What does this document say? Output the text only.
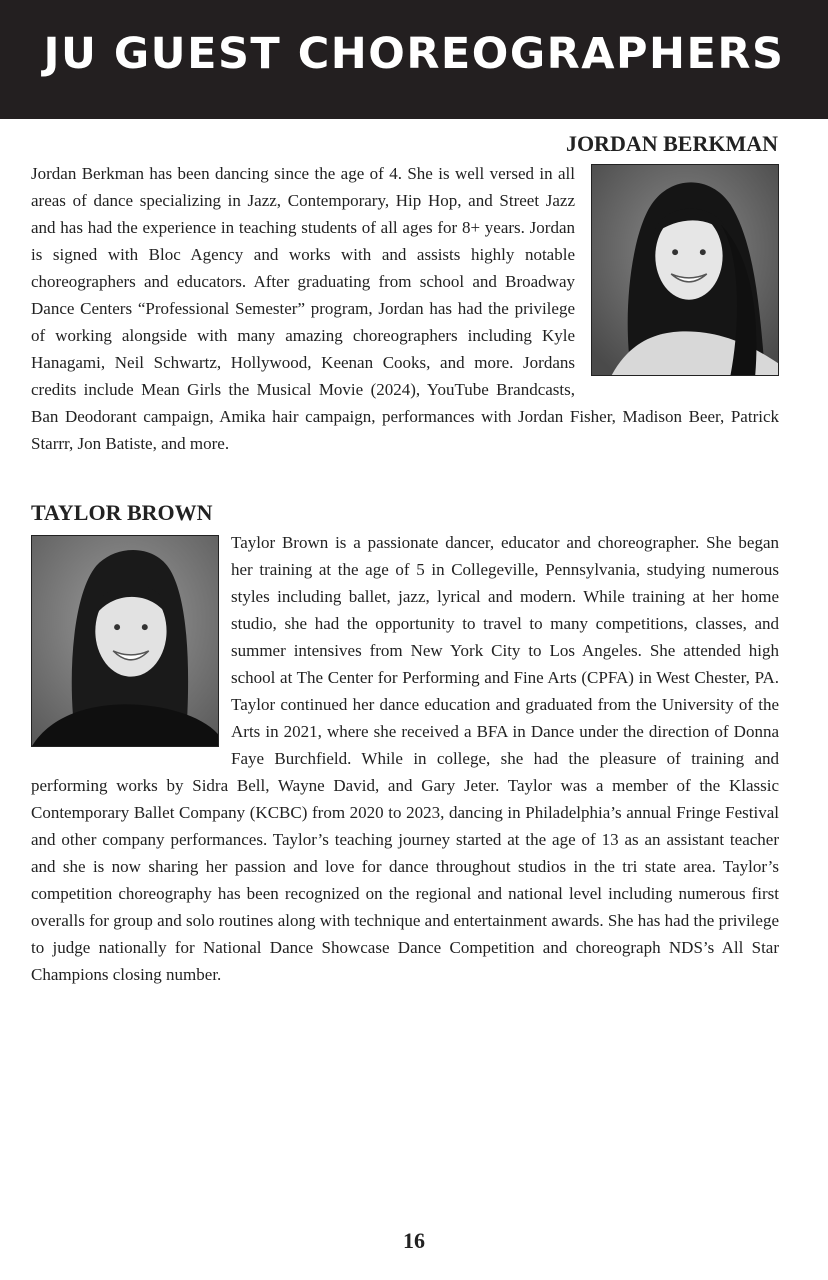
JU GUEST CHOREOGRAPHERS
JORDAN BERKMAN
Jordan Berkman has been dancing since the age of 4. She is well versed in all areas of dance specializing in Jazz, Contemporary, Hip Hop, and Street Jazz and has had the experience in teaching students of all ages for 8+ years. Jordan is signed with Bloc Agency and works with and assists highly notable choreographers and educators. After graduating from school and Broadway Dance Centers “Professional Semester” program, Jordan has had the privilege of working alongside with many amazing choreographers including Kyle Hanagami, Neil Schwartz, Hollywood, Keenan Cooks, and more. Jordans credits include Mean Girls the Musical Movie (2024), YouTube Brandcasts, Ban Deodorant campaign, Amika hair campaign, performances with Jordan Fisher, Madison Beer, Patrick Starrr, Jon Batiste, and more.
TAYLOR BROWN
Taylor Brown is a passionate dancer, educator and choreographer. She began her training at the age of 5 in Collegeville, Pennsylvania, studying numerous styles including ballet, jazz, lyrical and modern. While training at her home studio, she had the opportunity to travel to many competitions, classes, and summer intensives from New York City to Los Angeles. She attended high school at The Center for Performing and Fine Arts (CPFA) in West Chester, PA. Taylor continued her dance education and graduated from the University of the Arts in 2021, where she received a BFA in Dance under the direction of Donna Faye Burchfield. While in college, she had the pleasure of training and performing works by Sidra Bell, Wayne David, and Gary Jeter. Taylor was a member of the Klassic Contemporary Ballet Company (KCBC) from 2020 to 2023, dancing in Philadelphia’s annual Fringe Festival and other company performances. Taylor’s teaching journey started at the age of 13 as an assistant teacher and she is now sharing her passion and love for dance throughout studios in the tri state area. Taylor’s competition choreography has been recognized on the regional and national level including numerous first overalls for group and solo routines along with technique and entertainment awards. She has had the privilege to judge nationally for National Dance Showcase Dance Competition and choreograph NDS’s All Star Champions closing number.
16
